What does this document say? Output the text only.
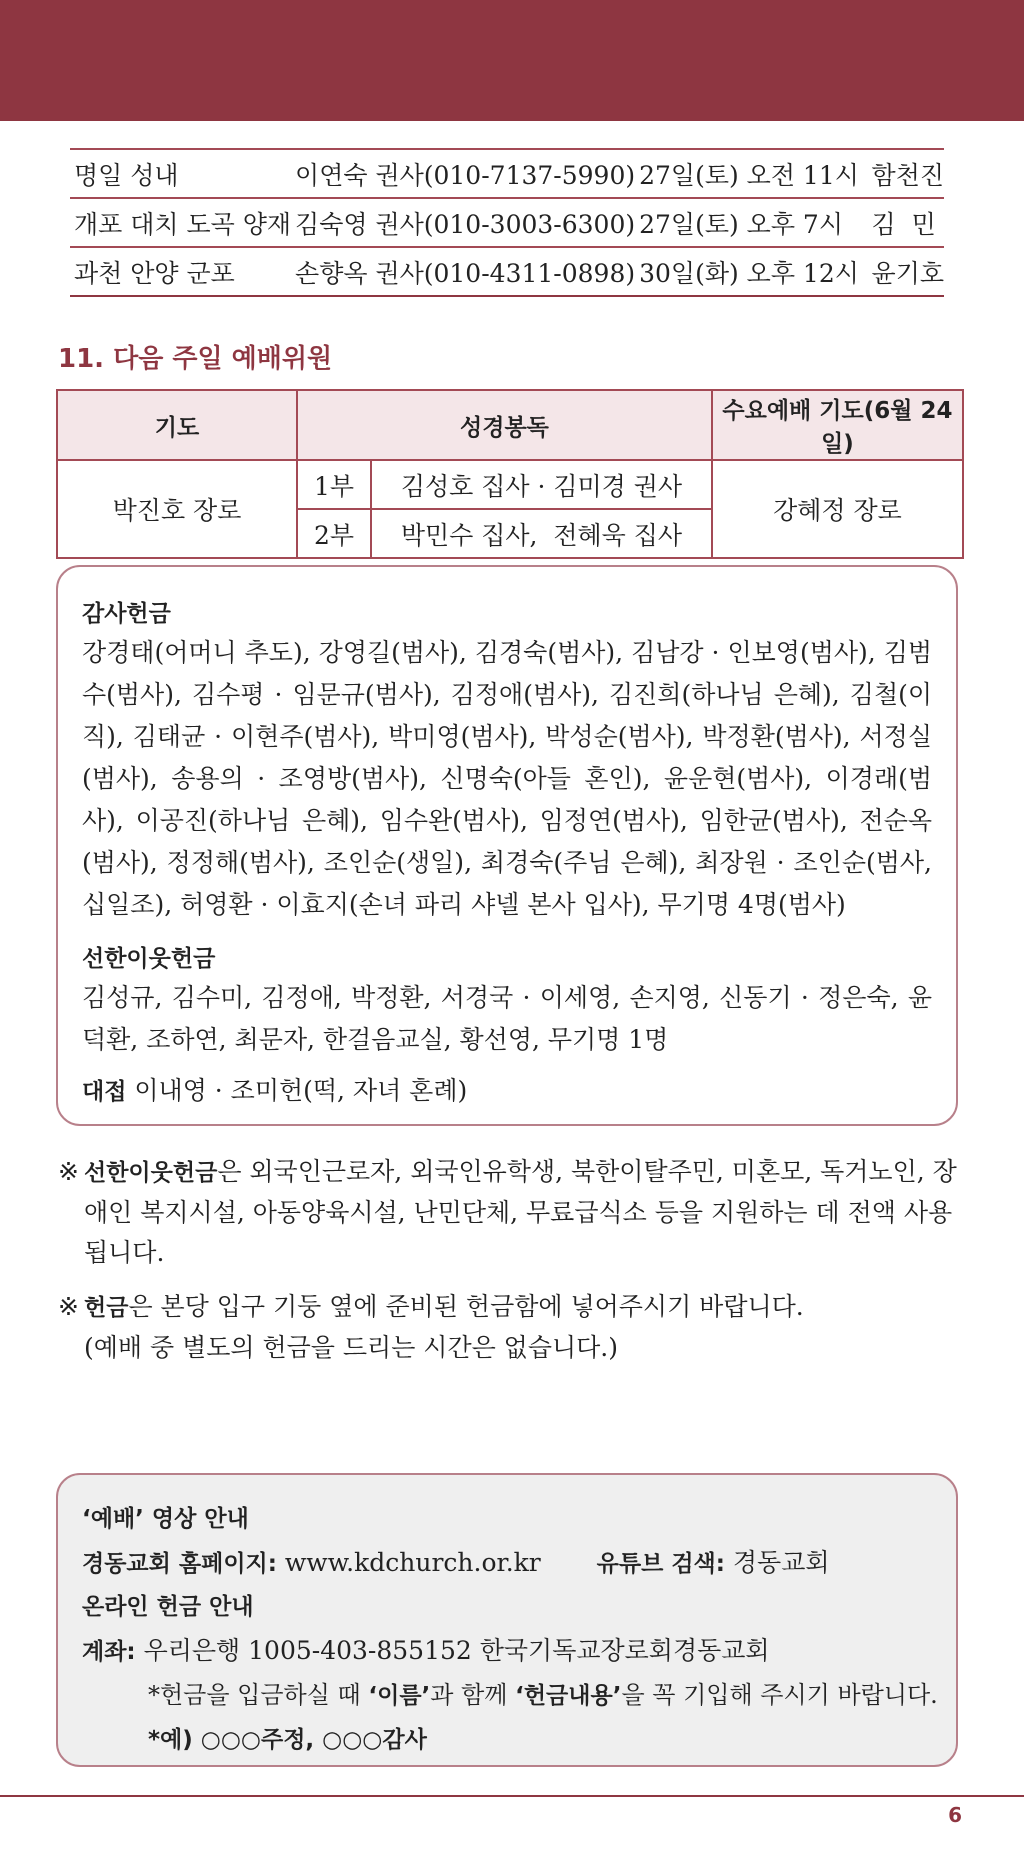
명일 성내	이연숙 권사(010-7137-5990)	27일(토) 오전 11시	함천진
개포 대치 도곡 양재	김숙영 권사(010-3003-6300)	27일(토) 오후 7시	김  민
과천 안양 군포	손향옥 권사(010-4311-0898)	30일(화) 오후 12시	윤기호
11. 다음 주일 예배위원
기도	성경봉독		수요예배 기도(6월 24일)
박진호 장로	1부	김성호 집사 · 김미경 권사	강혜정 장로
	2부	박민수 집사,  전혜욱 집사	
감사헌금

강경태(어머니 추도), 강영길(범사), 김경숙(범사), 김남강 · 인보영(범사), 김범수(범사), 김수평 · 임문규(범사), 김정애(범사), 김진희(하나님 은혜), 김철(이직), 김태균 · 이현주(범사), 박미영(범사), 박성순(범사), 박정환(범사), 서정실(범사), 송용의 · 조영방(범사), 신명숙(아들 혼인), 윤운현(범사), 이경래(범사), 이공진(하나님 은혜), 임수완(범사), 임정연(범사), 임한균(범사), 전순옥(범사), 정정해(범사), 조인순(생일), 최경숙(주님 은혜), 최장원 · 조인순(범사, 십일조), 허영환 · 이효지(손녀 파리 샤넬 본사 입사), 무기명 4명(범사)

선한이웃헌금

김성규, 김수미, 김정애, 박정환, 서경국 · 이세영, 손지영, 신동기 · 정은숙, 윤덕환, 조하연, 최문자, 한걸음교실, 황선영, 무기명 1명

대접 이내영 · 조미헌(떡, 자녀 혼례)
※ 선한이웃헌금은 외국인근로자, 외국인유학생, 북한이탈주민, 미혼모, 독거노인, 장애인 복지시설, 아동양육시설, 난민단체, 무료급식소 등을 지원하는 데 전액 사용됩니다.
※ 헌금은 본당 입구 기둥 옆에 준비된 헌금함에 넣어주시기 바랍니다.
(예배 중 별도의 헌금을 드리는 시간은 없습니다.)
‘예배’ 영상 안내
경동교회 홈페이지: www.kdchurch.or.kr 유튜브 검색: 경동교회
온라인 헌금 안내
계좌: 우리은행 1005-403-855152 한국기독교장로회경동교회
*헌금을 입금하실 때 ‘이름’과 함께 ‘헌금내용’을 꼭 기입해 주시기 바랍니다.
*예) ○○○주정, ○○○감사
6
